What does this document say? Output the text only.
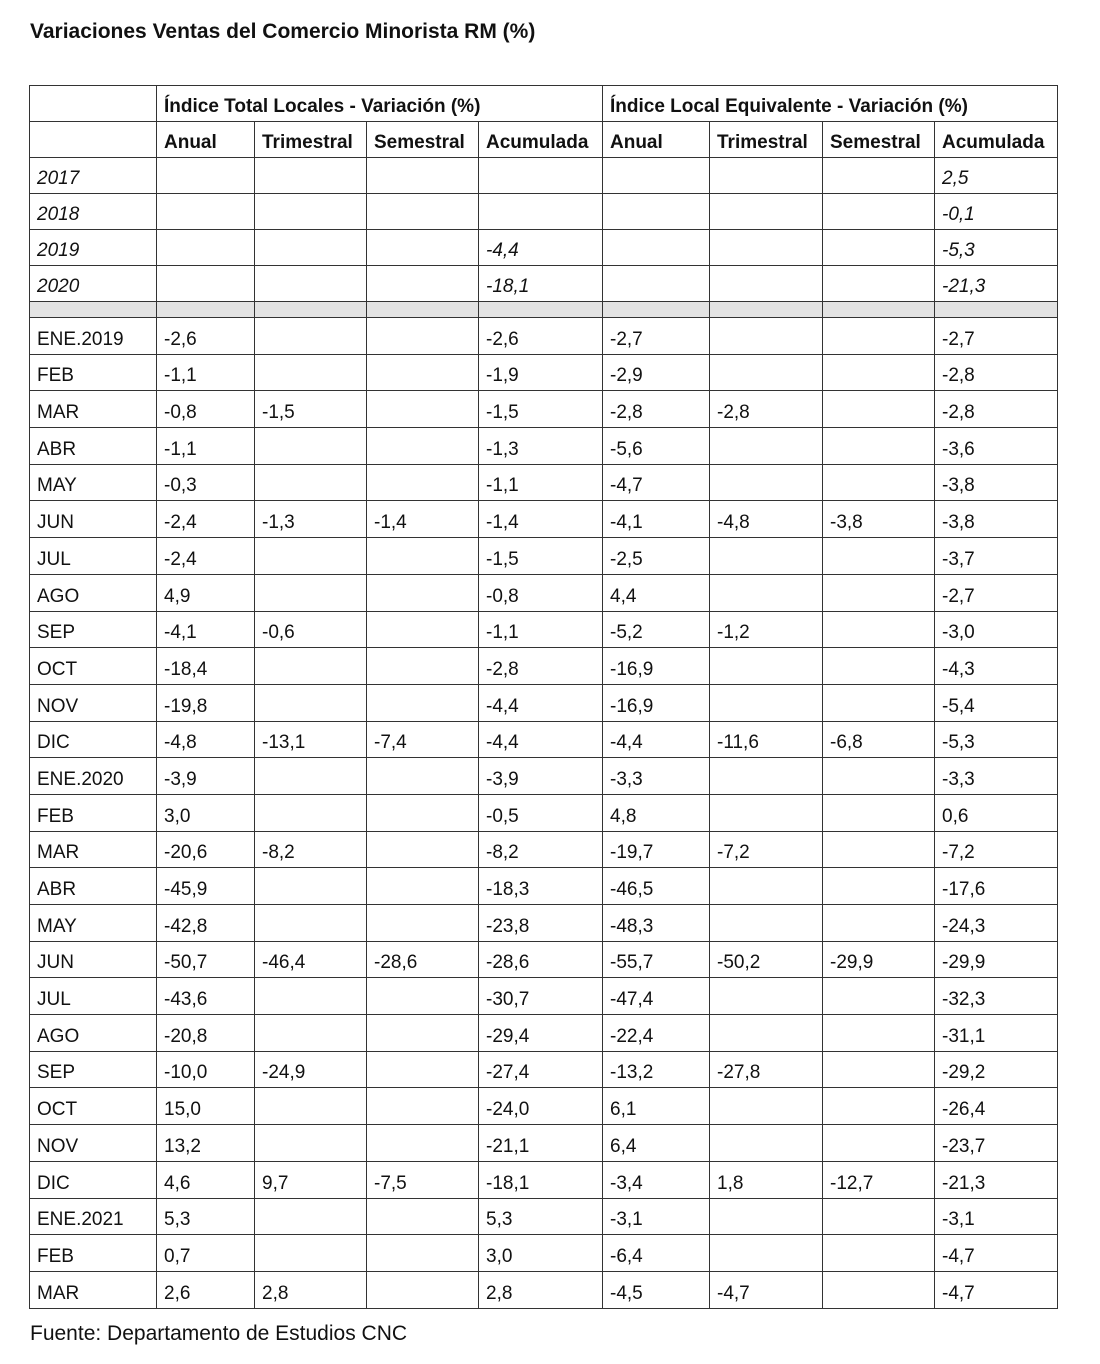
Variaciones Ventas del Comercio Minorista RM (%)
	Índice Total Locales - Variación (%)				Índice Local Equivalente - Variación (%)			
	Anual	Trimestral	Semestral	Acumulada	Anual	Trimestral	Semestral	Acumulada
2017								2,5
2018								-0,1
2019				-4,4				-5,3
2020				-18,1				-21,3

ENE.2019	-2,6			-2,6	-2,7			-2,7
FEB	-1,1			-1,9	-2,9			-2,8
MAR	-0,8	-1,5		-1,5	-2,8	-2,8		-2,8
ABR	-1,1			-1,3	-5,6			-3,6
MAY	-0,3			-1,1	-4,7			-3,8
JUN	-2,4	-1,3	-1,4	-1,4	-4,1	-4,8	-3,8	-3,8
JUL	-2,4			-1,5	-2,5			-3,7
AGO	4,9			-0,8	4,4			-2,7
SEP	-4,1	-0,6		-1,1	-5,2	-1,2		-3,0
OCT	-18,4			-2,8	-16,9			-4,3
NOV	-19,8			-4,4	-16,9			-5,4
DIC	-4,8	-13,1	-7,4	-4,4	-4,4	-11,6	-6,8	-5,3
ENE.2020	-3,9			-3,9	-3,3			-3,3
FEB	3,0			-0,5	4,8			0,6
MAR	-20,6	-8,2		-8,2	-19,7	-7,2		-7,2
ABR	-45,9			-18,3	-46,5			-17,6
MAY	-42,8			-23,8	-48,3			-24,3
JUN	-50,7	-46,4	-28,6	-28,6	-55,7	-50,2	-29,9	-29,9
JUL	-43,6			-30,7	-47,4			-32,3
AGO	-20,8			-29,4	-22,4			-31,1
SEP	-10,0	-24,9		-27,4	-13,2	-27,8		-29,2
OCT	15,0			-24,0	6,1			-26,4
NOV	13,2			-21,1	6,4			-23,7
DIC	4,6	9,7	-7,5	-18,1	-3,4	1,8	-12,7	-21,3
ENE.2021	5,3			5,3	-3,1			-3,1
FEB	0,7			3,0	-6,4			-4,7
MAR	2,6	2,8		2,8	-4,5	-4,7		-4,7

Fuente: Departamento de Estudios CNC
